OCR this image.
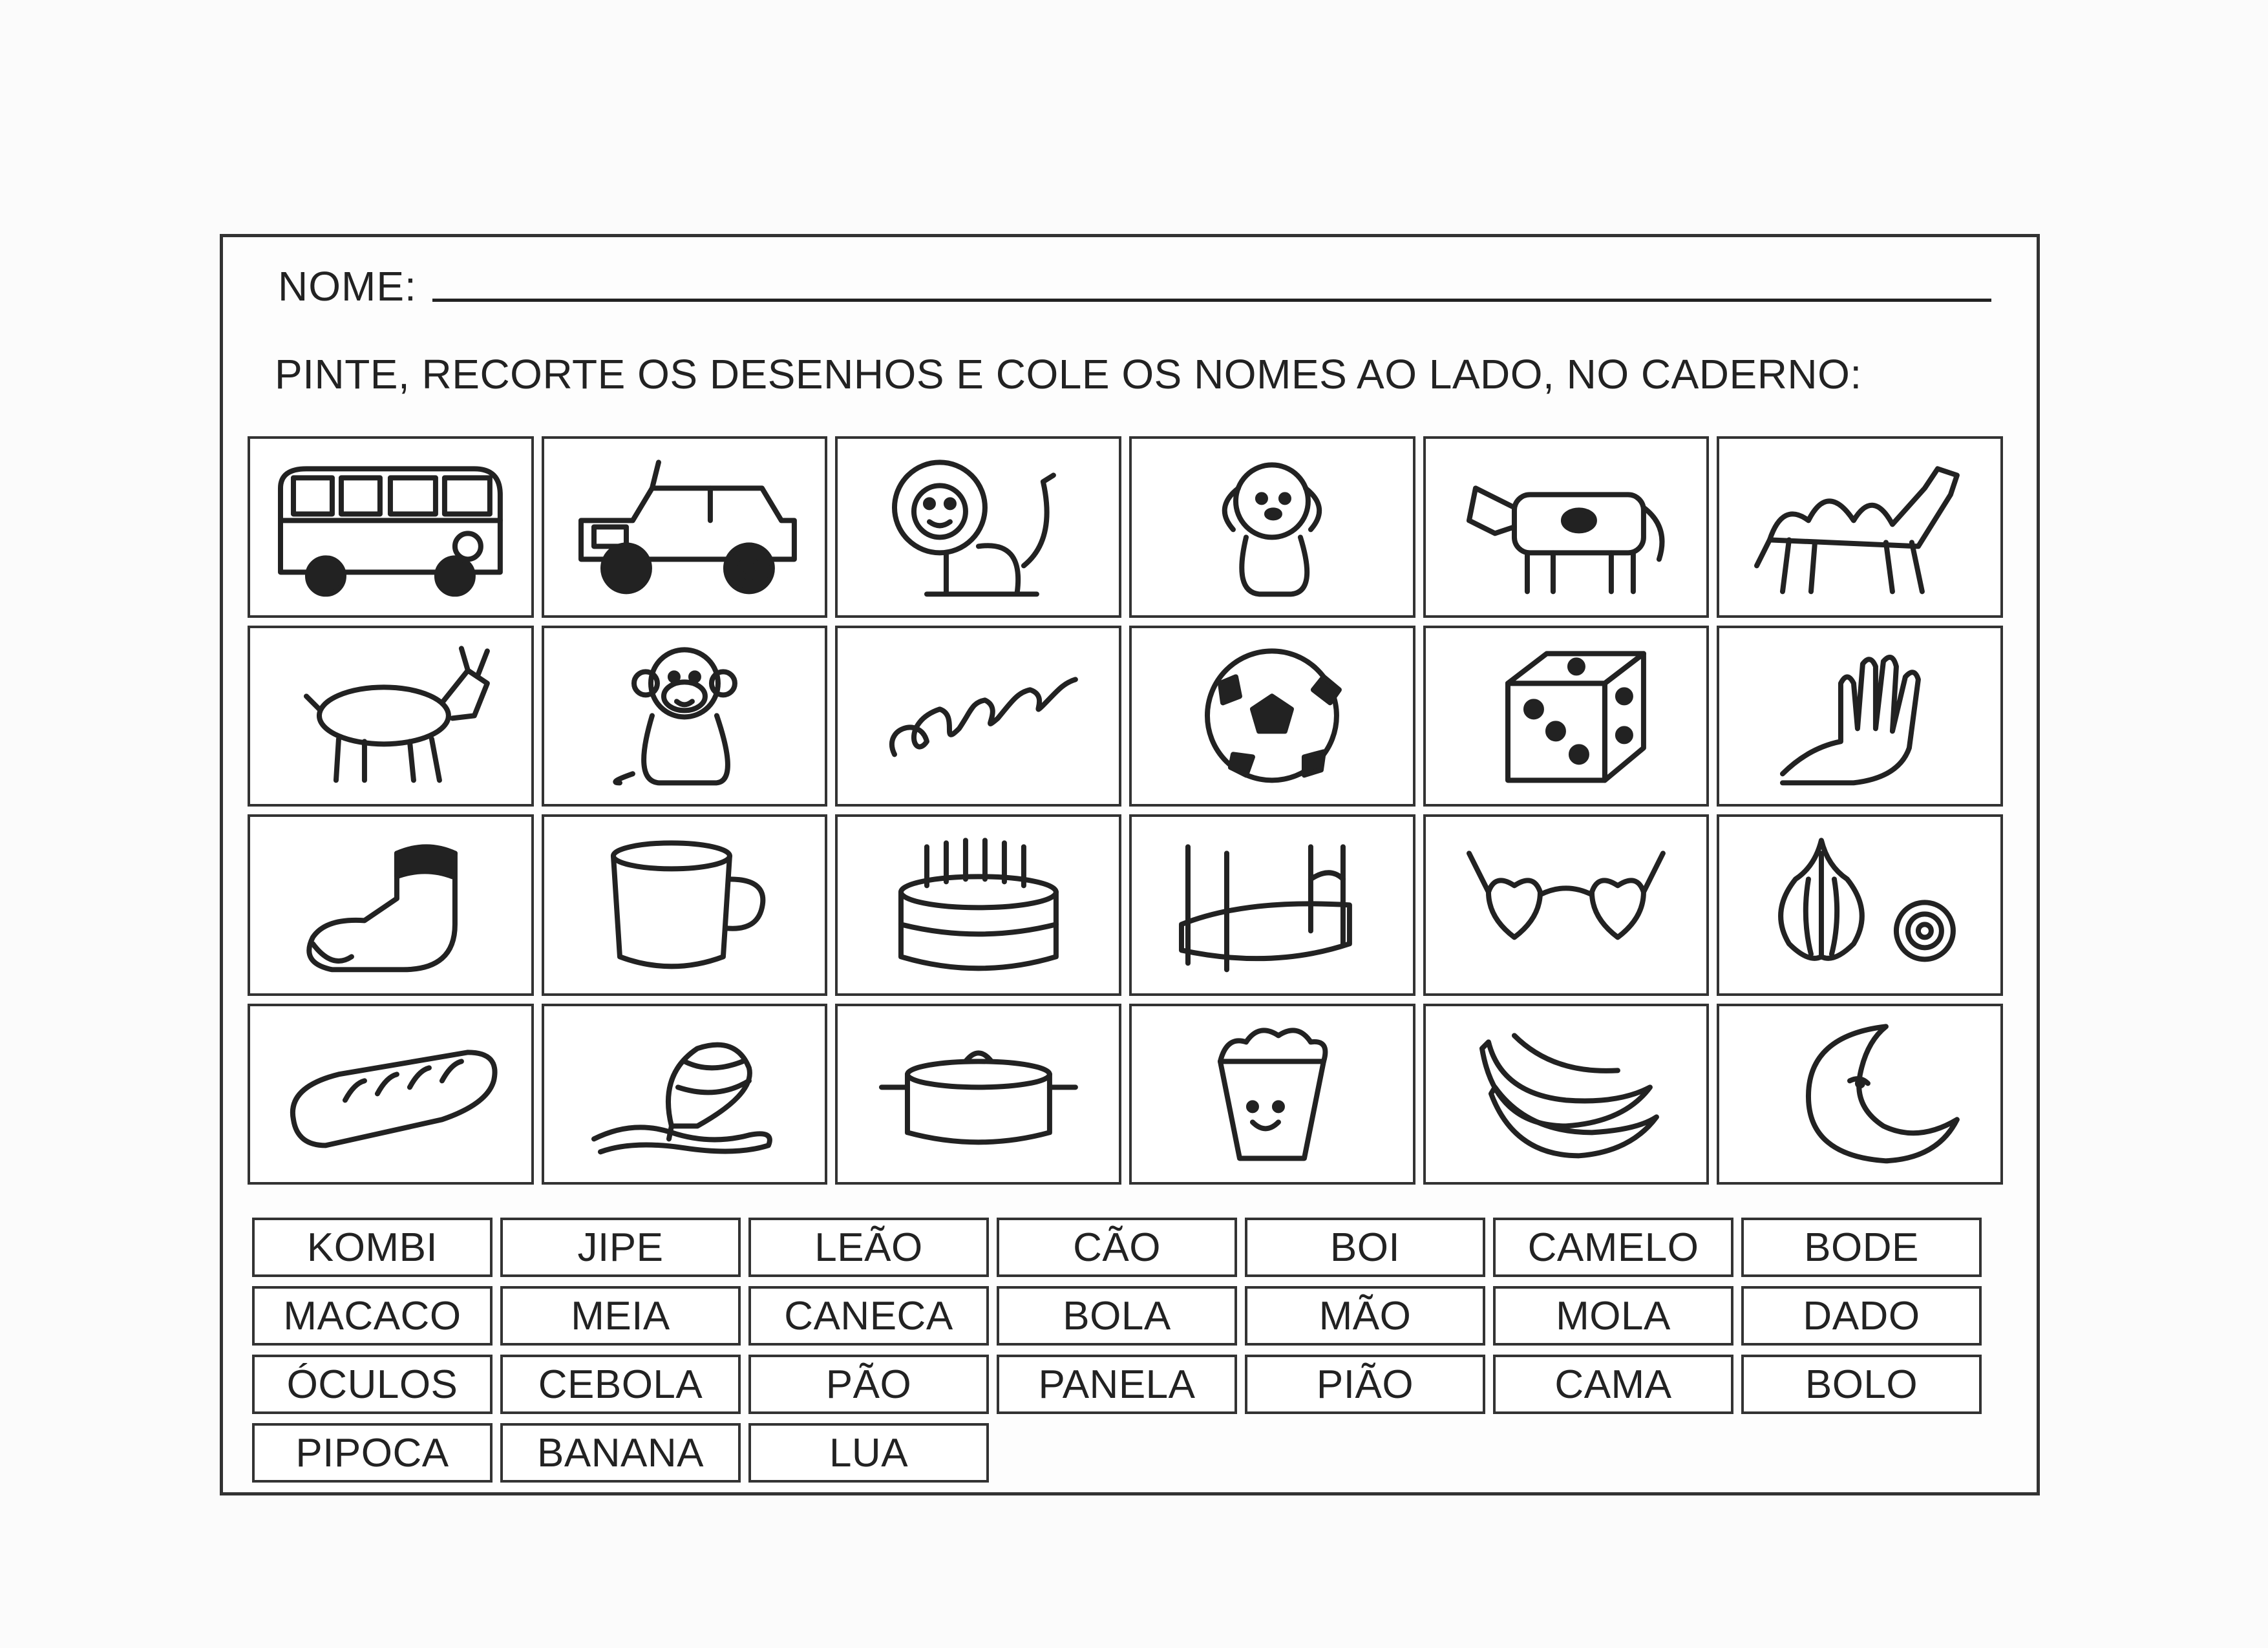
NOME:
PINTE, RECORTE OS DESENHOS E COLE OS NOMES AO LADO, NO CADERNO:
KOMBI	JIPE	LEÃO	CÃO	BOI	CAMELO	BODE
MACACO	MEIA	CANECA	BOLA	MÃO	MOLA	DADO
ÓCULOS	CEBOLA	PÃO	PANELA	PIÃO	CAMA	BOLO
PIPOCA	BANANA	LUA
